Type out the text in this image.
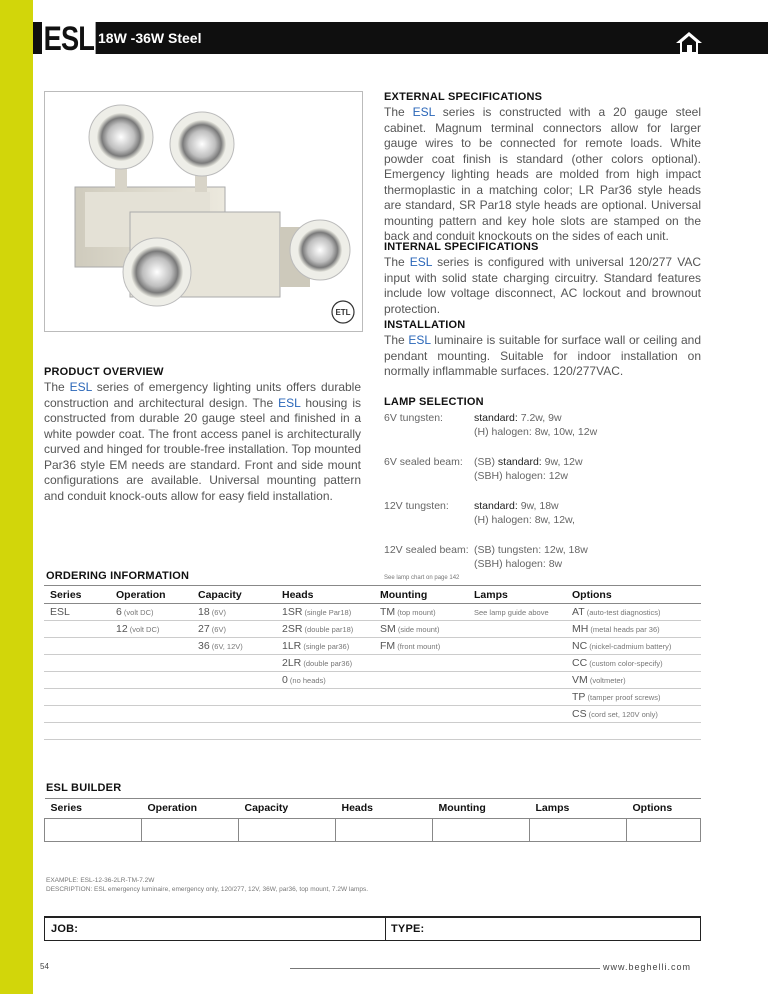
ESL 18W -36W Steel
INDOOR
ETL
PRODUCT OVERVIEW
The ESL series of emergency lighting units offers durable construction and architectural design. The ESL housing is constructed from durable 20 gauge steel and finished in a white powder coat. The front access panel is architecturally curved and hinged for trouble-free installation. Top mounted Par36 style EM needs are standard. Front and side mount configurations are available. Universal mounting pattern and conduit knock-outs allow for easy field installation.
EXTERNAL SPECIFICATIONS
The ESL series is constructed with a 20 gauge steel cabinet. Magnum terminal connectors allow for larger gauge wires to be connected for remote loads. White powder coat finish is standard (other colors optional). Emergency lighting heads are molded from high impact thermoplastic in a matching color; LR Par36 style heads are standard, SR Par18 style heads are optional. Universal mounting pattern and key hole slots are stamped on the back and conduit knockouts on the sides of each unit.
INTERNAL SPECIFICATIONS
The ESL series is configured with universal 120/277 VAC input with solid state charging circuitry. Standard features include low voltage disconnect, AC lockout and brownout protection.
INSTALLATION
The ESL luminaire is suitable for surface wall or ceiling and pendant mounting. Suitable for indoor installation on normally inflammable surfaces. 120/277VAC.
LAMP SELECTION
6V tungsten:	standard: 7.2w, 9w
(H) halogen: 8w, 10w, 12w

6V sealed beam:	(SB) standard: 9w, 12w
(SBH) halogen: 12w

12V tungsten:	standard: 9w, 18w
(H) halogen: 8w, 12w,

12V sealed beam:	(SB) tungsten: 12w, 18w
(SBH) halogen: 8w
See lamp chart on page 142
ORDERING INFORMATION
Series	Operation	Capacity	Heads	Mounting	Lamps	Options
ESL	6 (volt DC)	18 (6V)	1SR (single Par18)	TM (top mount)	See lamp guide above	AT (auto-test diagnostics)
	12 (volt DC)	27 (6V)	2SR (double par18)	SM (side mount)		MH (metal heads par 36)
		36 (6V, 12V)	1LR (single par36)	FM (front mount)		NC (nickel-cadmium battery)
			2LR (double par36)			CC (custom color-specify)
			0 (no heads)			VM (voltmeter)
						TP (tamper proof screws)
						CS (cord set, 120V only)

ESL BUILDER
Series	Operation	Capacity	Heads	Mounting	Lamps	Options

EXAMPLE: ESL-12-36-2LR-TM-7.2W
DESCRIPTION: ESL emergency luminaire, emergency only, 120/277, 12V, 36W, par36, top mount, 7.2W lamps.
JOB:	TYPE:
54	www.beghelli.com
